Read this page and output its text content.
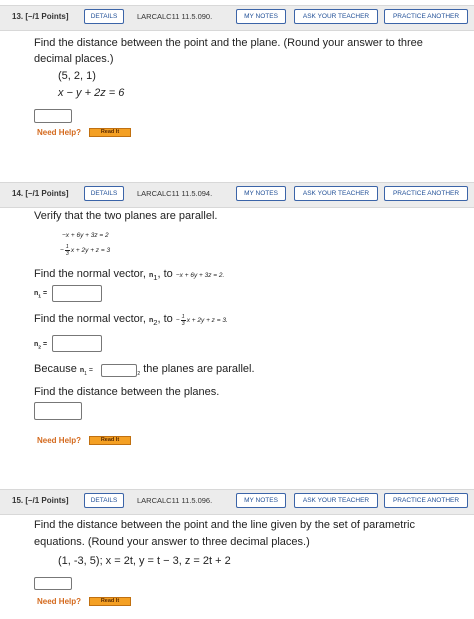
13. [–/1 Points]	DETAILS	LARCALC11 11.5.090.	MY NOTES	ASK YOUR TEACHER	PRACTICE ANOTHER
Find the distance between the point and the plane. (Round your answer to three
decimal places.)
(5, 2, 1)
x − y + 2z = 6
Need Help?	Read It
14. [–/1 Points]	DETAILS	LARCALC11 11.5.094.	MY NOTES	ASK YOUR TEACHER	PRACTICE ANOTHER
Verify that the two planes are parallel.
−x + 6y + 3z = 2
− $\frac{1}{3}$ x + 2y + z = 3
Find the normal vector, $n_1$, to −x + 6y + 3z = 2.
$n_1$ =
Find the normal vector, $n_2$, to − $\frac{1}{3}$ x + 2y + z = 3.
$n_2$ =
Because $n_1 = _2$ the planes are parallel.
Find the distance between the planes.
Need Help?	Read It
15. [–/1 Points]	DETAILS	LARCALC11 11.5.096.	MY NOTES	ASK YOUR TEACHER	PRACTICE ANOTHER
Find the distance between the point and the line given by the set of parametric
equations. (Round your answer to three decimal places.)
(1, -3, 5); x = 2t, y = t − 3, z = 2t + 2
Need Help?	Read It
